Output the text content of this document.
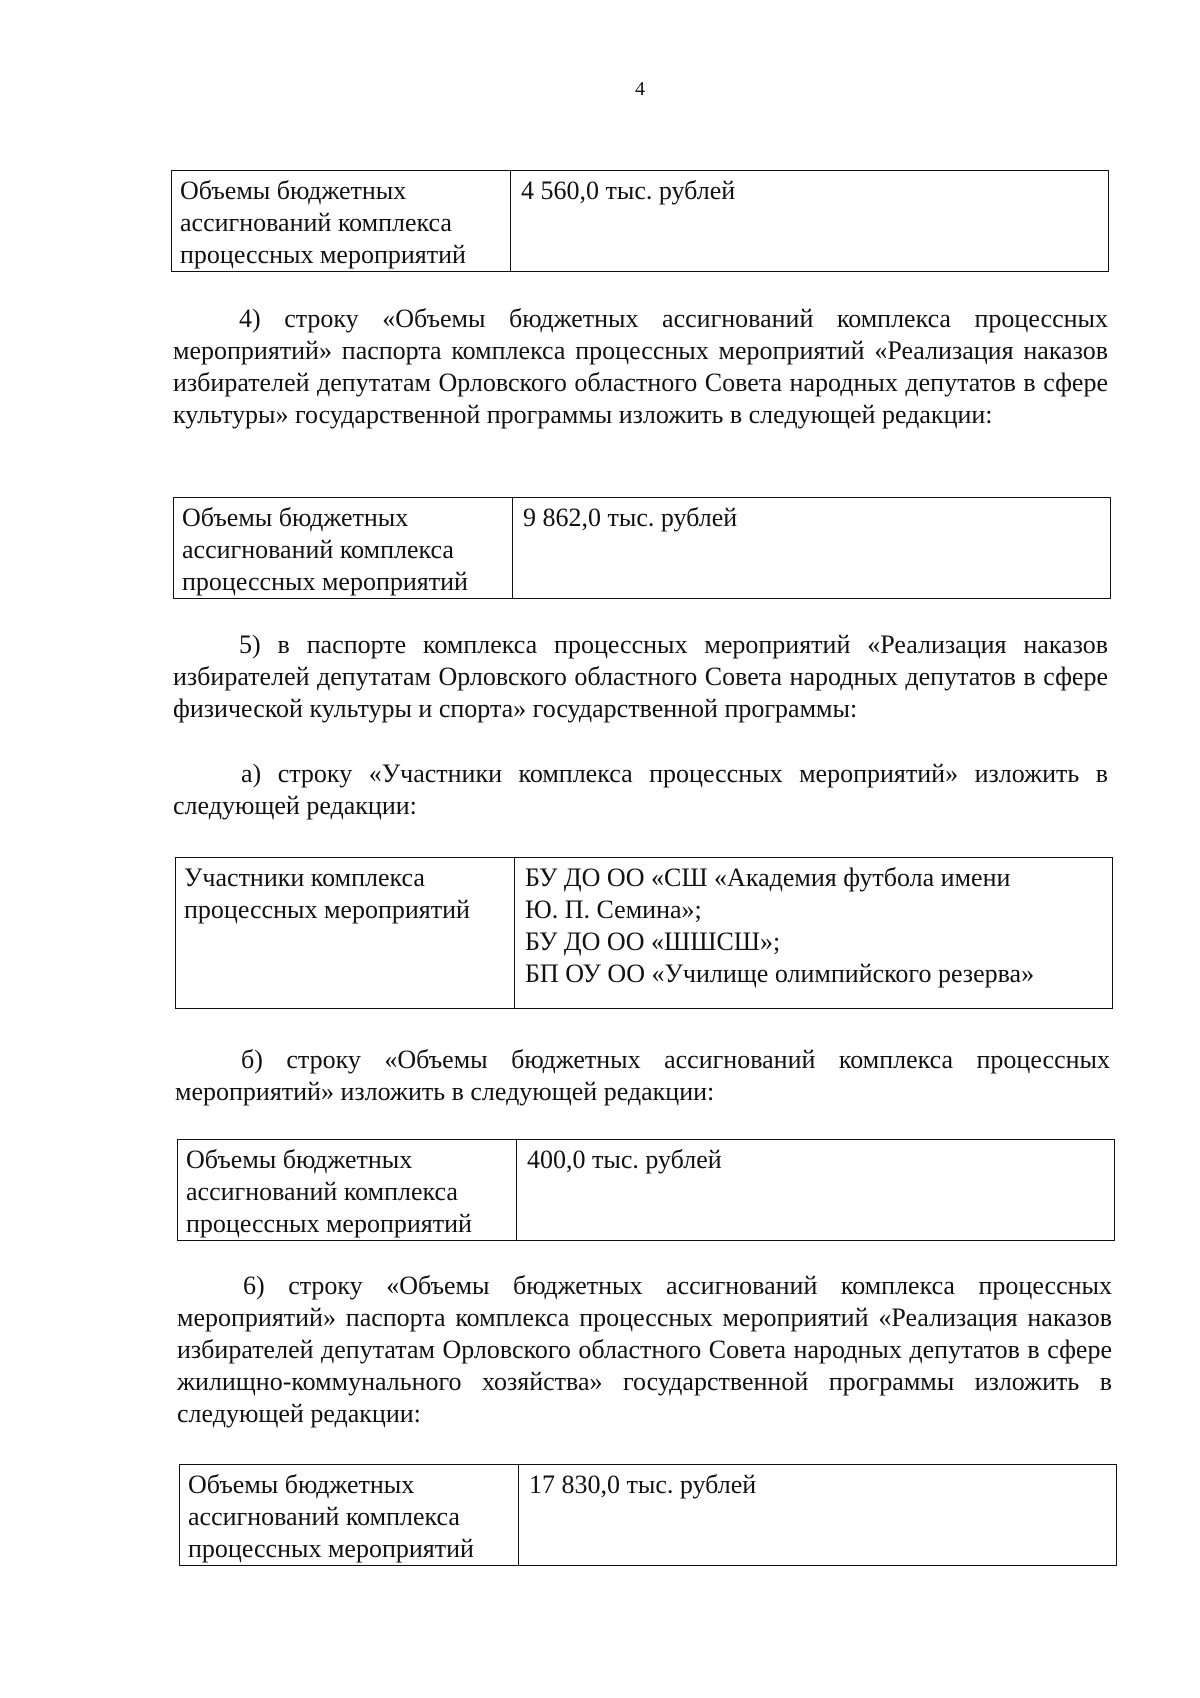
4
Объемы бюджетных
ассигнований комплекса
процессных мероприятий

4 560,0 тыс. рублей

4) строку «Объемы бюджетных ассигнований комплекса процессных мероприятий» паспорта комплекса процессных мероприятий «Реализация наказов избирателей депутатам Орловского областного Совета народных депутатов в сфере культуры» государственной программы изложить в следующей редакции:

Объемы бюджетных
ассигнований комплекса
процессных мероприятий

9 862,0 тыс. рублей

5) в паспорте комплекса процессных мероприятий «Реализация наказов избирателей депутатам Орловского областного Совета народных депутатов в сфере физической культуры и спорта» государственной программы:

а) строку «Участники комплекса процессных мероприятий» изложить в следующей редакции:

Участники комплекса
процессных мероприятий

БУ ДО ОО «СШ «Академия футбола имени
Ю. П. Семина»;
БУ ДО ОО «ШШСШ»;
БП ОУ ОО «Училище олимпийского резерва»

б) строку «Объемы бюджетных ассигнований комплекса процессных мероприятий» изложить в следующей редакции:

Объемы бюджетных
ассигнований комплекса
процессных мероприятий

400,0 тыс. рублей

6) строку «Объемы бюджетных ассигнований комплекса процессных мероприятий» паспорта комплекса процессных мероприятий «Реализация наказов избирателей депутатам Орловского областного Совета народных депутатов в сфере жилищно-коммунального хозяйства» государственной программы изложить в следующей редакции:

Объемы бюджетных
ассигнований комплекса
процессных мероприятий

17 830,0 тыс. рублей
